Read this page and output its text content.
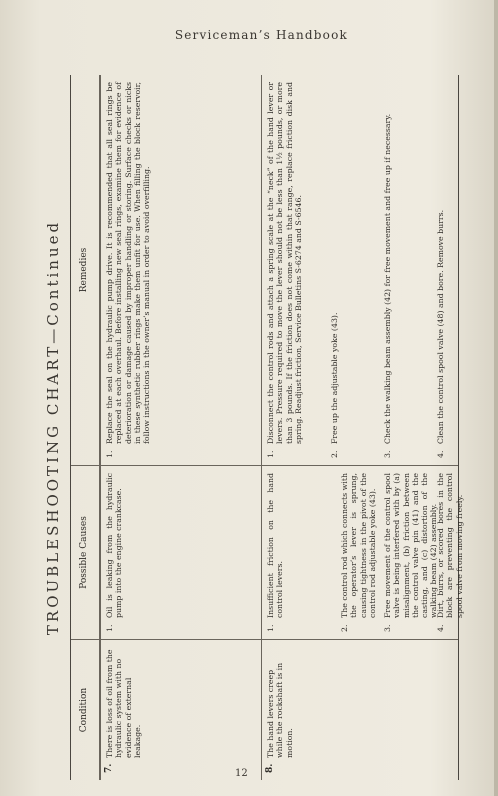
Serviceman’s Handbook
TROUBLESHOOTING CHART—Continued
Condition
Possible Causes
Remedies
7.
There is loss of oil from the hydraulic system with no evidence of external leakage.
1.
Oil is leaking from the hydraulic pump into the engine crankcase.
1.
Replace the seal on the hydraulic pump drive. It is recommended that all seal rings be replaced at each overhaul. Before installing new seal rings, examine them for evidence of deterioration or damage caused by improper handling or storing. Surface checks or nicks in these synthetic rubber rings make them unfit for use. When filling the block reservoir, follow instructions in the owner’s manual in order to avoid overfilling.
8.
The hand levers creep while the rockshaft is in motion.
1.
Insufficient friction on the hand control levers.
2.
The control rod which connects with the operator’s lever is sprung, causing tightness in the pivot of the control rod adjustable yoke (43).
3.
Free movement of the control spool valve is being interfered with by (a) misalignment, (b) friction between the control valve pin (41) and the casting, and (c) distortion of the walking beam (42) assembly.
4.
Dirt, burrs, or scored bores in the block are preventing the control spool valve from moving freely.
1.
Disconnect the control rods and attach a spring scale at the “neck” of the hand lever or levers. Pressure required to move the lever should not be less than 1½ pounds, or more than 3 pounds. If the friction does not come within that range, replace friction disk and spring. Readjust friction, Service Bulletins S-6274 and S-6546.
2.
Free up the adjustable yoke (43).
3.
Check the walking beam assembly (42) for free movement and free up if necessary.
4.
Clean the control spool valve (48) and bore. Remove burrs.
12
